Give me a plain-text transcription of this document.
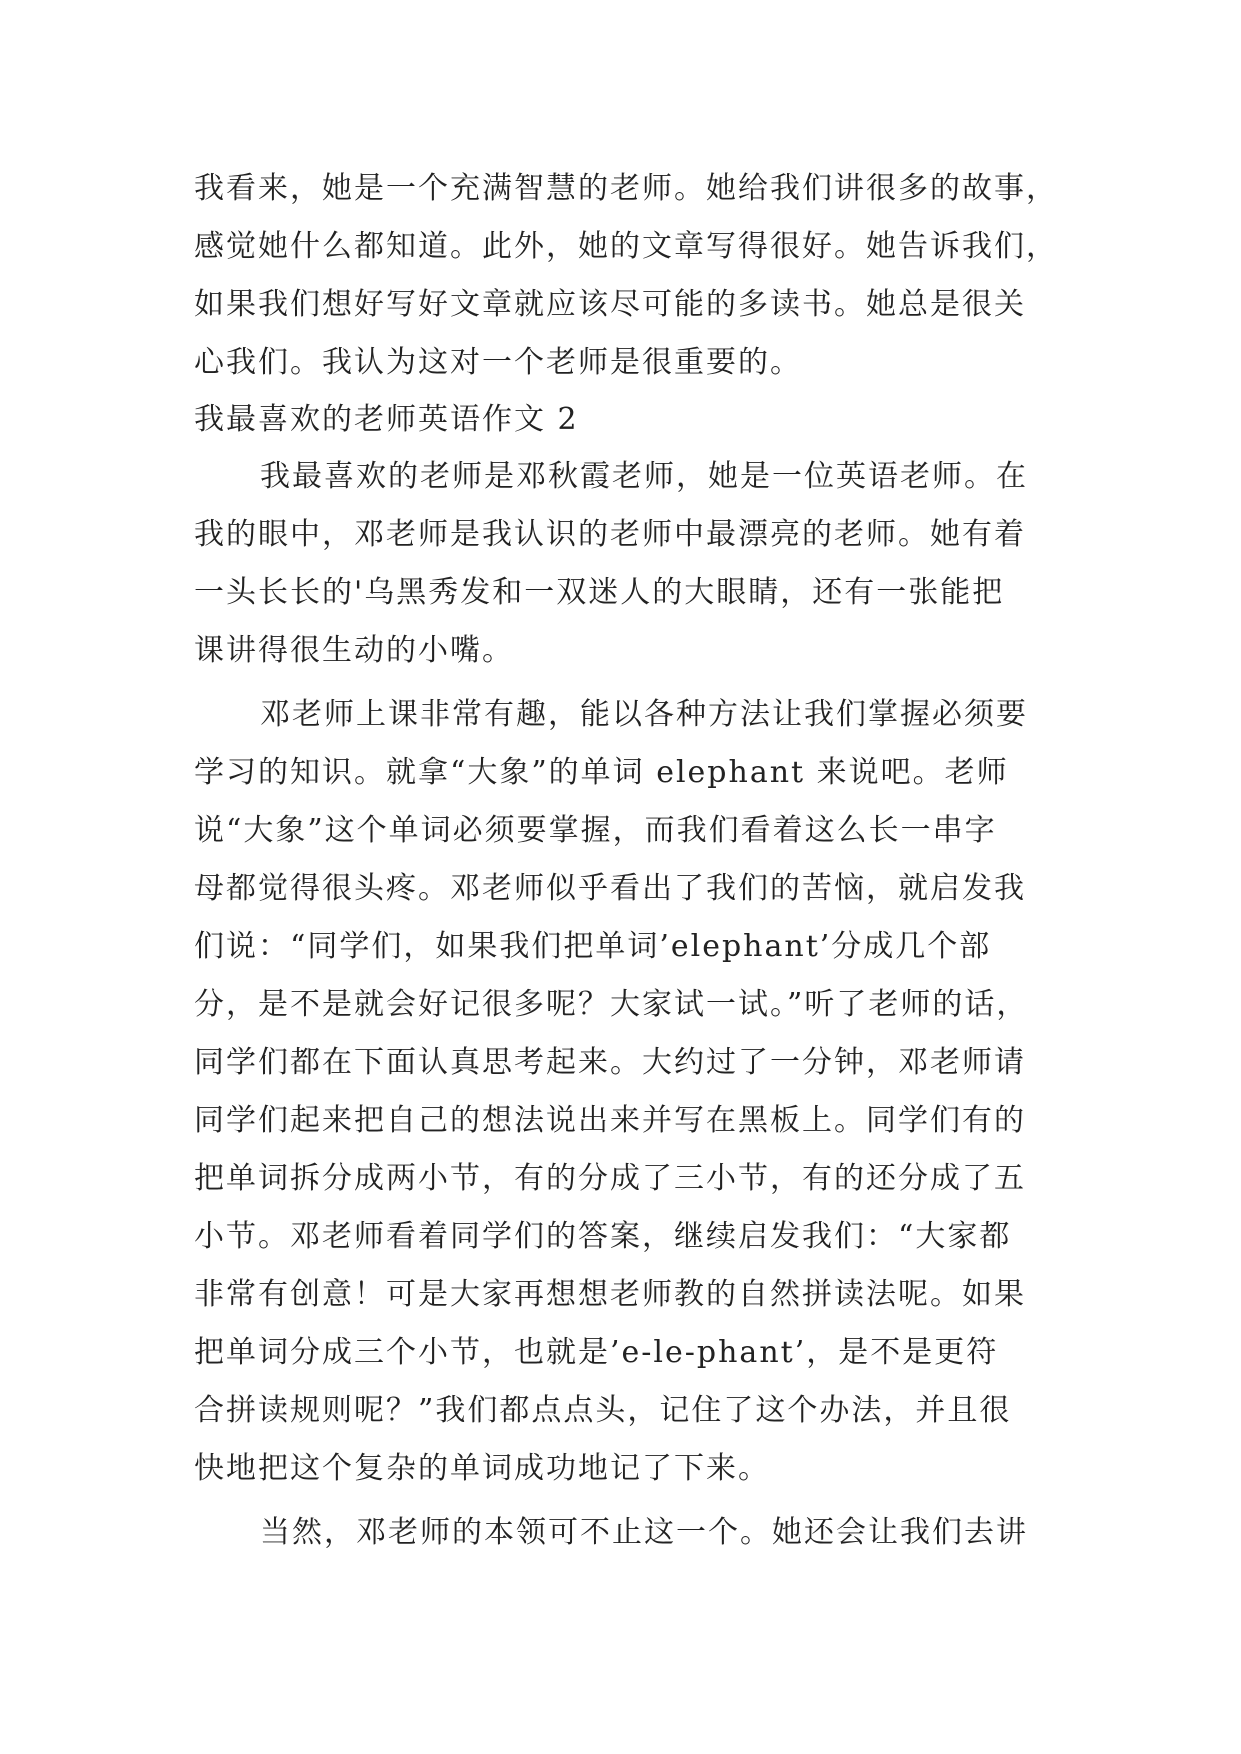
我看来，她是一个充满智慧的老师。她给我们讲很多的故事，
感觉她什么都知道。此外，她的文章写得很好。她告诉我们，
如果我们想好写好文章就应该尽可能的多读书。她总是很关
心我们。我认为这对一个老师是很重要的。
我最喜欢的老师英语作文 2
我最喜欢的老师是邓秋霞老师，她是一位英语老师。在
我的眼中，邓老师是我认识的老师中最漂亮的老师。她有着
一头长长的'乌黑秀发和一双迷人的大眼睛，还有一张能把
课讲得很生动的小嘴。
邓老师上课非常有趣，能以各种方法让我们掌握必须要
学习的知识。就拿“大象”的单词 elephant 来说吧。老师
说“大象”这个单词必须要掌握，而我们看着这么长一串字
母都觉得很头疼。邓老师似乎看出了我们的苦恼，就启发我
们说：“同学们，如果我们把单词’elephant’分成几个部
分，是不是就会好记很多呢？大家试一试。”听了老师的话，
同学们都在下面认真思考起来。大约过了一分钟，邓老师请
同学们起来把自己的想法说出来并写在黑板上。同学们有的
把单词拆分成两小节，有的分成了三小节，有的还分成了五
小节。邓老师看着同学们的答案，继续启发我们：“大家都
非常有创意！可是大家再想想老师教的自然拼读法呢。如果
把单词分成三个小节，也就是’e-le-phant’，是不是更符
合拼读规则呢？”我们都点点头，记住了这个办法，并且很
快地把这个复杂的单词成功地记了下来。
当然，邓老师的本领可不止这一个。她还会让我们去讲
